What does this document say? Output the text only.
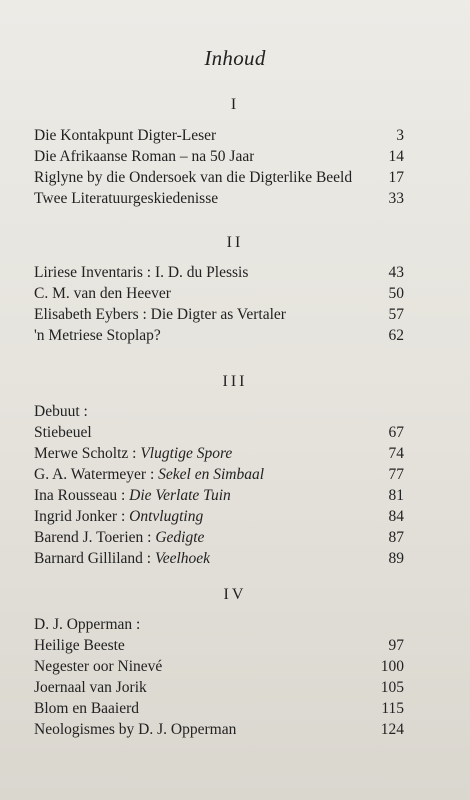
Inhoud
I
Die Kontakpunt Digter-Leser	3
Die Afrikaanse Roman – na 50 Jaar	14
Riglyne by die Ondersoek van die Digterlike Beeld	17
Twee Literatuurgeskiedenisse	33
II
Liriese Inventaris : I. D. du Plessis	43
C. M. van den Heever	50
Elisabeth Eybers : Die Digter as Vertaler	57
'n Metriese Stoplap?	62
III
Debuut :
Stiebeuel	67
Merwe Scholtz : Vlugtige Spore	74
G. A. Watermeyer : Sekel en Simbaal	77
Ina Rousseau : Die Verlate Tuin	81
Ingrid Jonker : Ontvlugting	84
Barend J. Toerien : Gedigte	87
Barnard Gilliland : Veelhoek	89
IV
D. J. Opperman :
Heilige Beeste	97
Negester oor Ninevé	100
Joernaal van Jorik	105
Blom en Baaierd	115
Neologismes by D. J. Opperman	124
